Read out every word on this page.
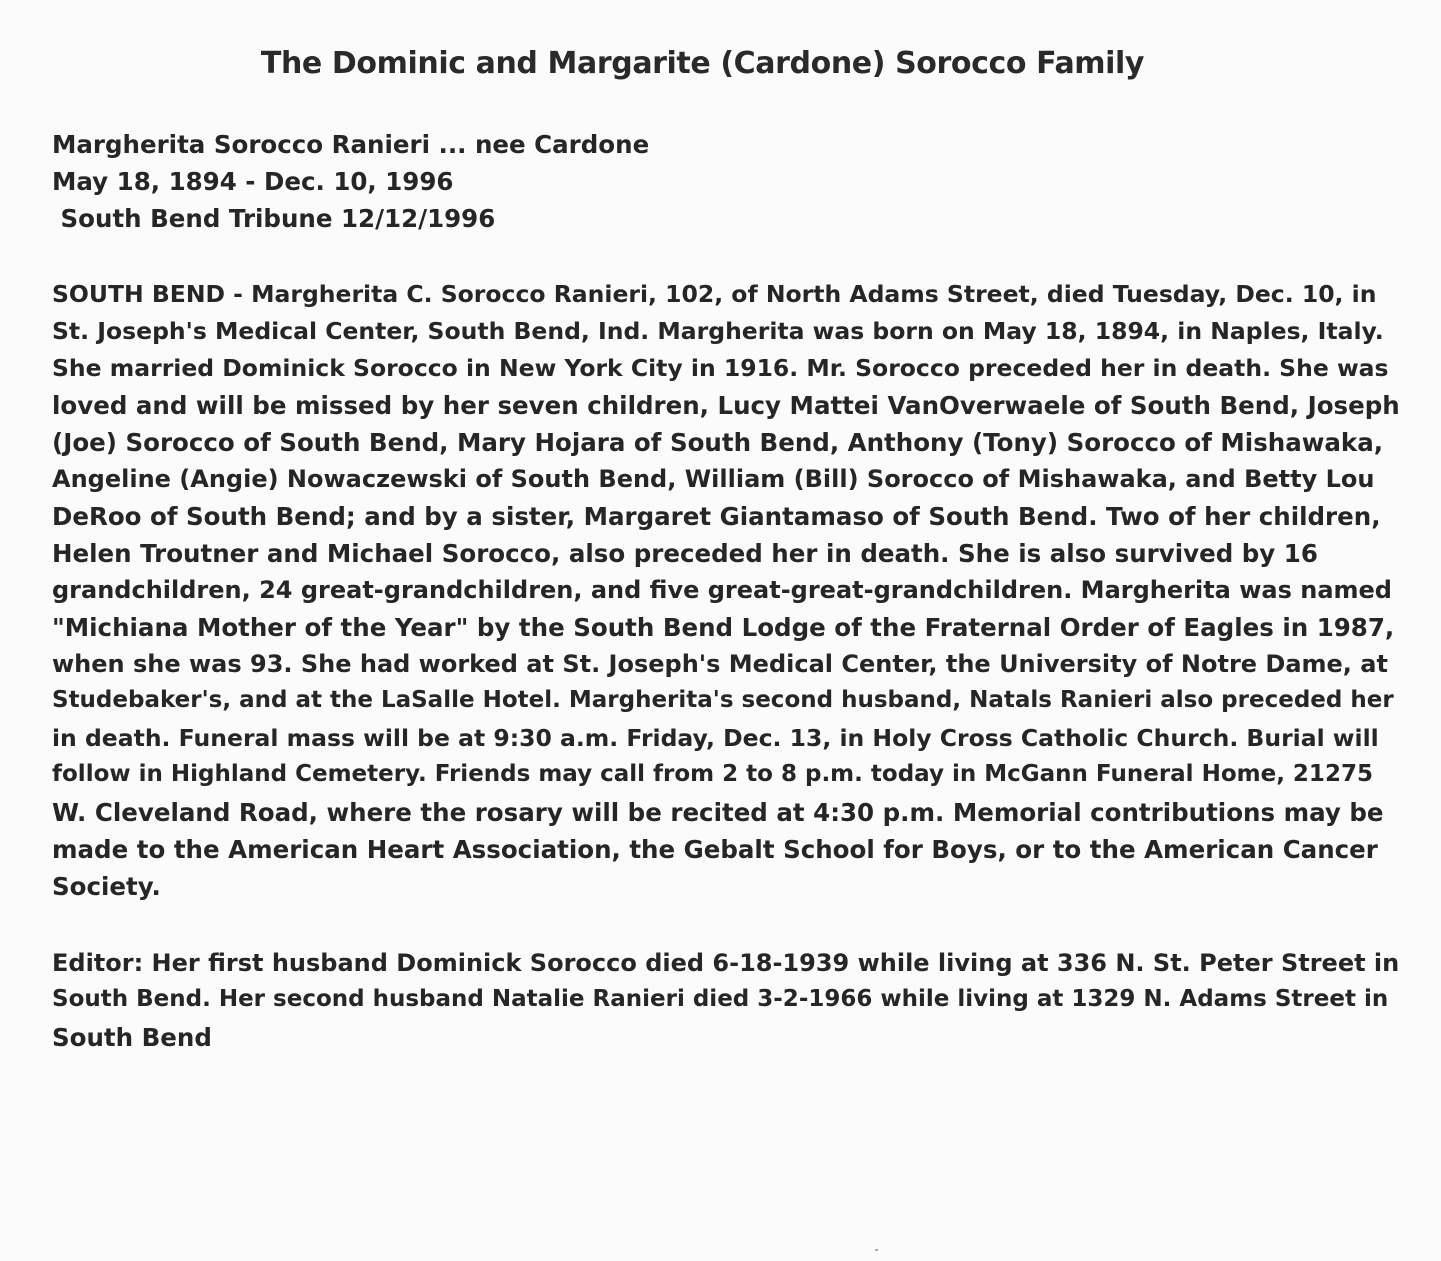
The Dominic and Margarite (Cardone) Sorocco Family
Margherita Sorocco Ranieri ... nee Cardone
May 18, 1894 - Dec. 10, 1996
South Bend Tribune 12/12/1996
SOUTH BEND - Margherita C. Sorocco Ranieri, 102, of North Adams Street, died Tuesday, Dec. 10, in
St. Joseph's Medical Center, South Bend, Ind. Margherita was born on May 18, 1894, in Naples, Italy.
She married Dominick Sorocco in New York City in 1916. Mr. Sorocco preceded her in death. She was
loved and will be missed by her seven children, Lucy Mattei VanOverwaele of South Bend, Joseph
(Joe) Sorocco of South Bend, Mary Hojara of South Bend, Anthony (Tony) Sorocco of Mishawaka,
Angeline (Angie) Nowaczewski of South Bend, William (Bill) Sorocco of Mishawaka, and Betty Lou
DeRoo of South Bend; and by a sister, Margaret Giantamaso of South Bend. Two of her children,
Helen Troutner and Michael Sorocco, also preceded her in death. She is also survived by 16
grandchildren, 24 great-grandchildren, and five great-great-grandchildren. Margherita was named
"Michiana Mother of the Year" by the South Bend Lodge of the Fraternal Order of Eagles in 1987,
when she was 93. She had worked at St. Joseph's Medical Center, the University of Notre Dame, at
Studebaker's, and at the LaSalle Hotel. Margherita's second husband, Natals Ranieri also preceded her
in death. Funeral mass will be at 9:30 a.m. Friday, Dec. 13, in Holy Cross Catholic Church. Burial will
follow in Highland Cemetery. Friends may call from 2 to 8 p.m. today in McGann Funeral Home, 21275
W. Cleveland Road, where the rosary will be recited at 4:30 p.m. Memorial contributions may be
made to the American Heart Association, the Gebalt School for Boys, or to the American Cancer
Society.
Editor: Her first husband Dominick Sorocco died 6-18-1939 while living at 336 N. St. Peter Street in
South Bend. Her second husband Natalie Ranieri died 3-2-1966 while living at 1329 N. Adams Street in
South Bend
